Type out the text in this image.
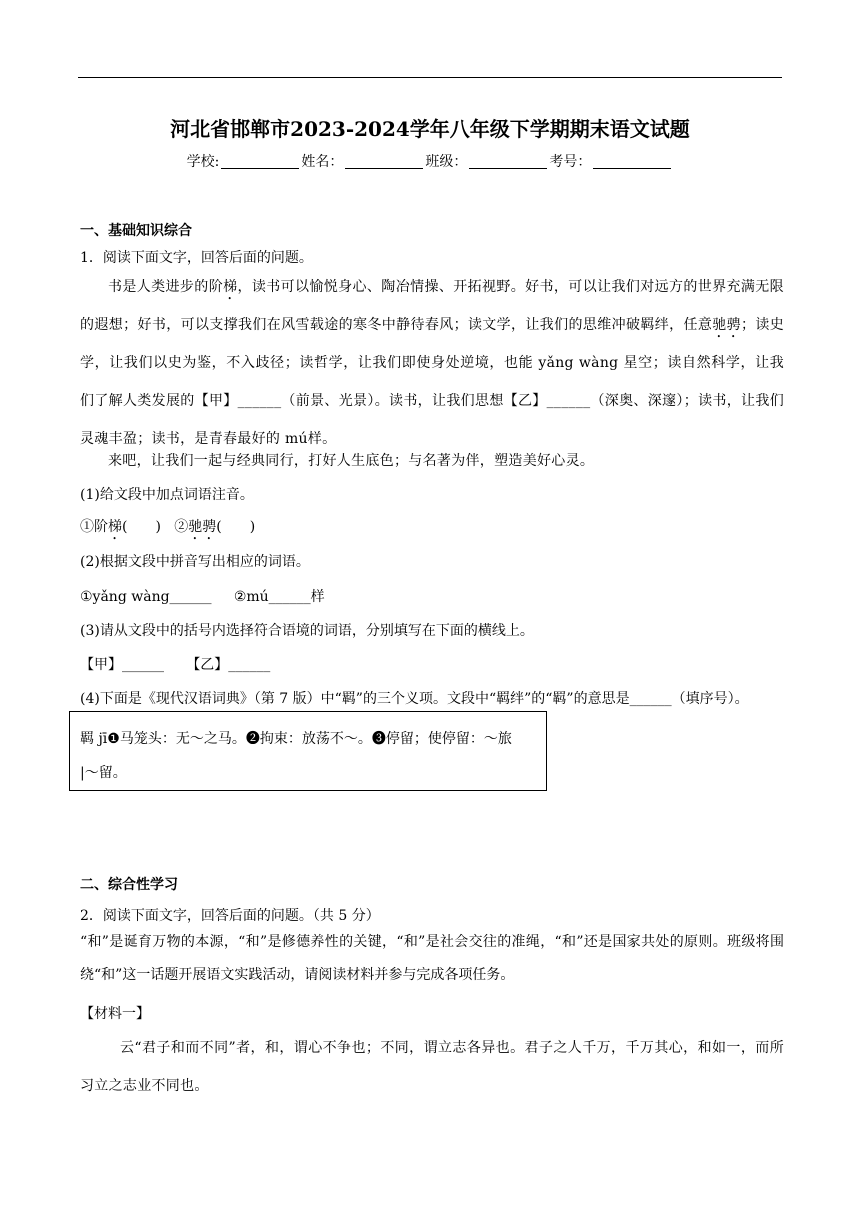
河北省邯郸市2023-2024学年八年级下学期期末语文试题
学校:	姓名：	班级：	考号：
一、基础知识综合
1．阅读下面文字，回答后面的问题。
书是人类进步的阶梯，读书可以愉悦身心、陶冶情操、开拓视野。好书，可以让我们对远方的世界充满无限的遐想；好书，可以支撑我们在风雪载途的寒冬中静待春风；读文学，让我们的思维冲破羁绊，任意驰骋；读史学，让我们以史为鉴，不入歧径；读哲学，让我们即使身处逆境，也能 yǎng wàng 星空；读自然科学，让我们了解人类发展的【甲】______（前景、光景）。读书，让我们思想【乙】______（深奥、深邃）；读书，让我们灵魂丰盈；读书，是青春最好的 mú样。
来吧，让我们一起与经典同行，打好人生底色；与名著为伴，塑造美好心灵。
(1)给文段中加点词语注音。
①阶梯(　　) ②驰骋(　　)
(2)根据文段中拼音写出相应的词语。
①yǎng wàng______ ②mú______样
(3)请从文段中的括号内选择符合语境的词语，分别填写在下面的横线上。
【甲】______ 【乙】______
(4)下面是《现代汉语词典》（第 7 版）中“羁”的三个义项。文段中“羁绊”的“羁”的意思是______（填序号）。
羁 jī❶马笼头：无～之马。❷拘束：放荡不～。❸停留；使停留：～旅
|～留。
二、综合性学习
2．阅读下面文字，回答后面的问题。（共 5 分）
“和”是诞育万物的本源，“和”是修德养性的关键，“和”是社会交往的准绳，“和”还是国家共处的原则。班级将围绕“和”这一话题开展语文实践活动，请阅读材料并参与完成各项任务。
【材料一】
云“君子和而不同”者，和，谓心不争也；不同，谓立志各异也。君子之人千万，千万其心，和如一，而所习立之志业不同也。
